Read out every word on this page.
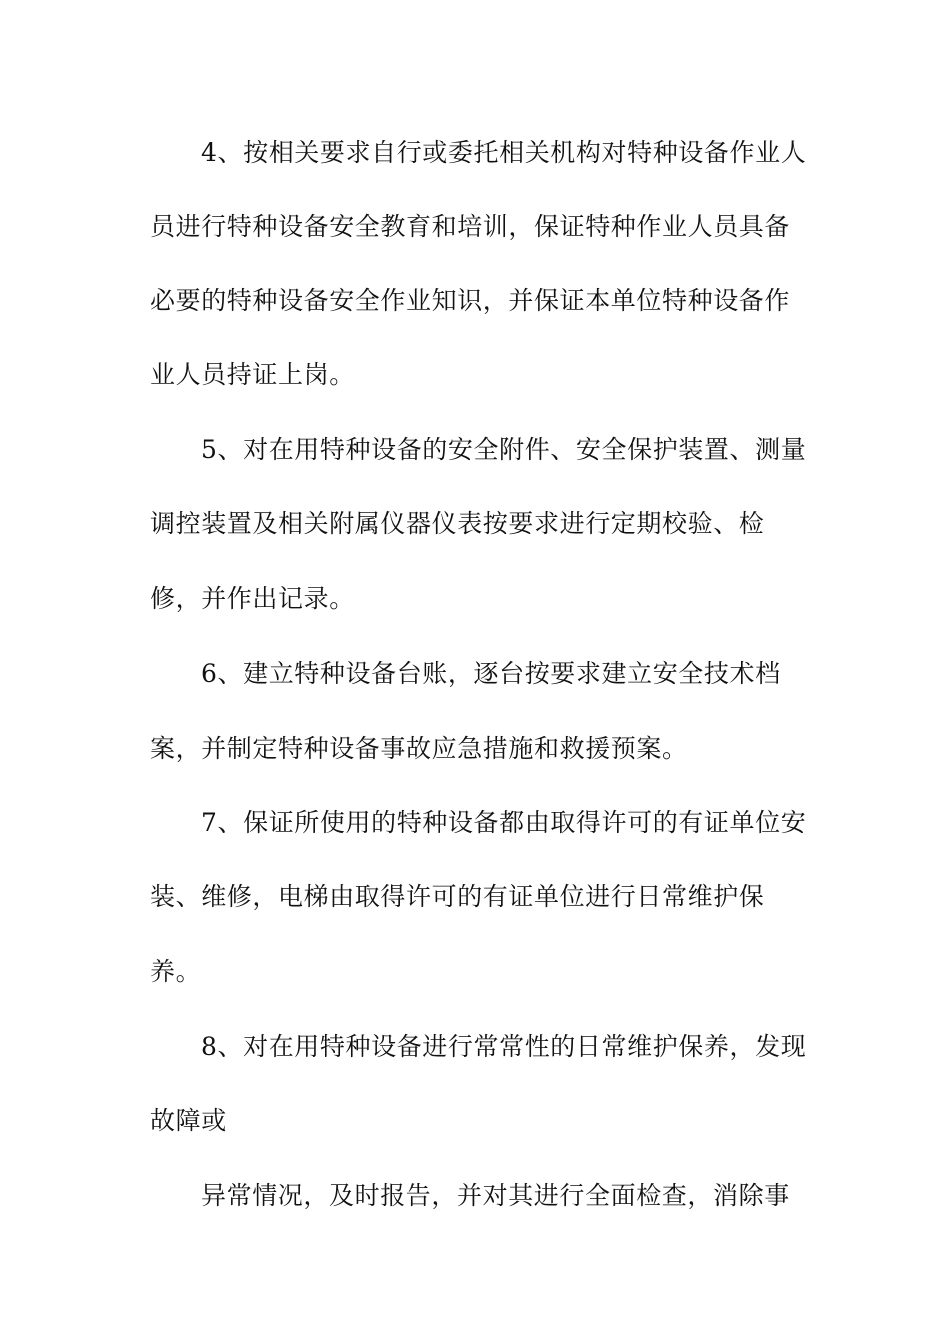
4、按相关要求自行或委托相关机构对特种设备作业人
员进行特种设备安全教育和培训，保证特种作业人员具备
必要的特种设备安全作业知识，并保证本单位特种设备作
业人员持证上岗。
5、对在用特种设备的安全附件、安全保护装置、测量
调控装置及相关附属仪器仪表按要求进行定期校验、检
修，并作出记录。
6、建立特种设备台账，逐台按要求建立安全技术档
案，并制定特种设备事故应急措施和救援预案。
7、保证所使用的特种设备都由取得许可的有证单位安
装、维修，电梯由取得许可的有证单位进行日常维护保
养。
8、对在用特种设备进行常常性的日常维护保养，发现
故障或
异常情况，及时报告，并对其进行全面检查，消除事
